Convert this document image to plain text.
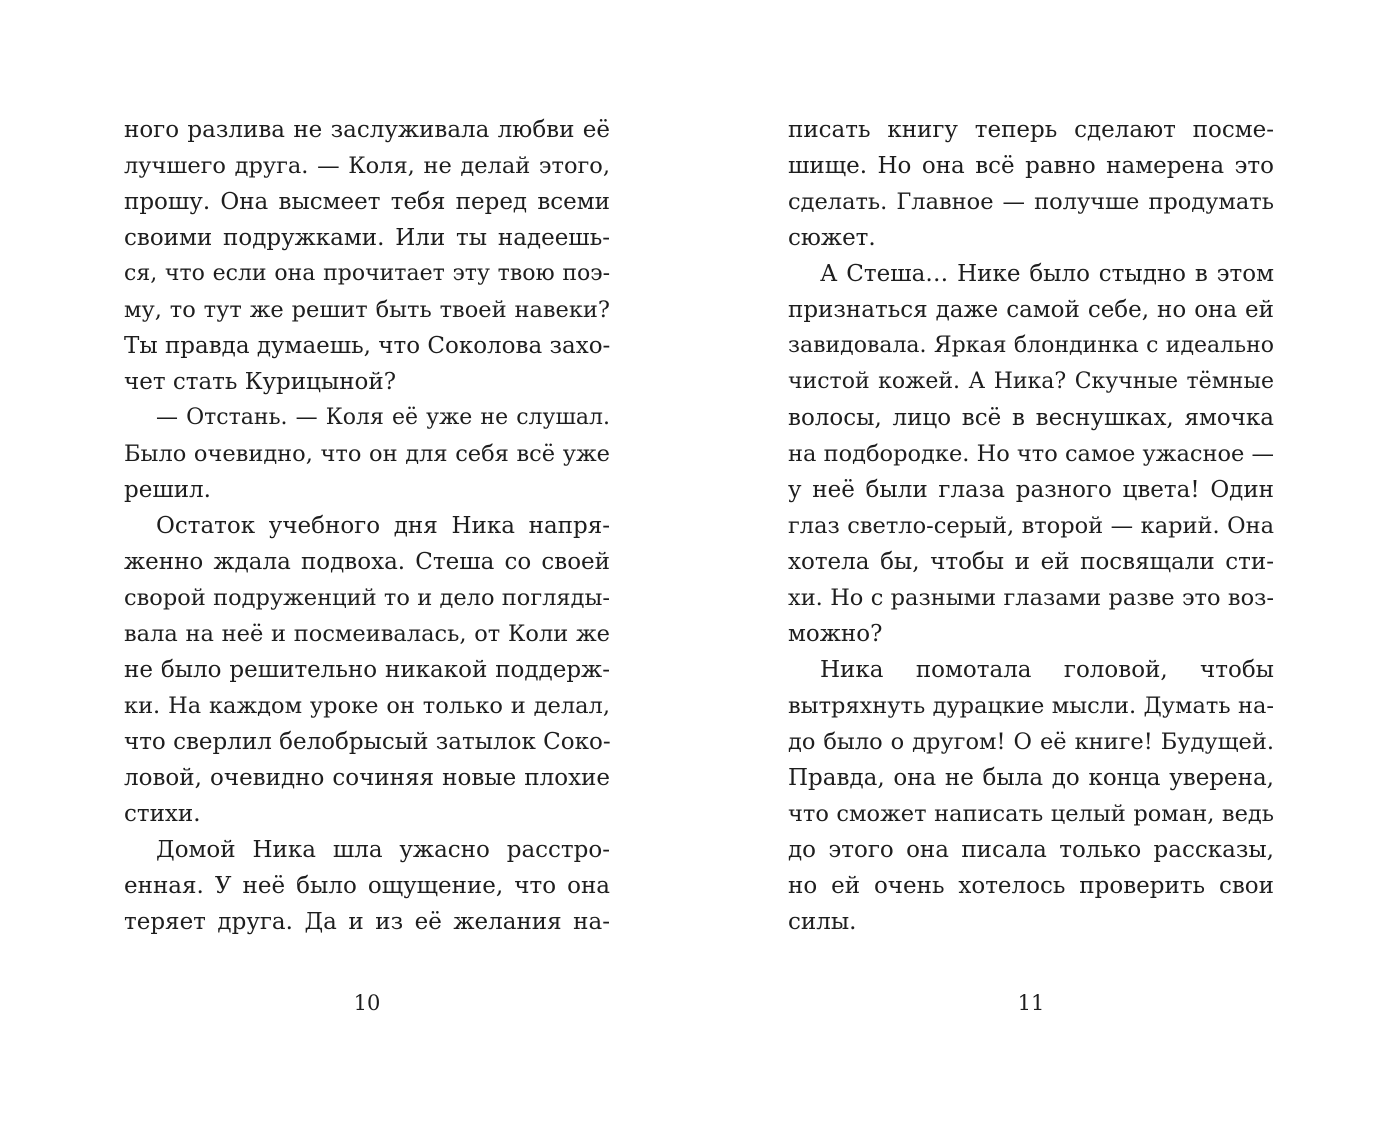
ного разлива не заслуживала любви её
лучшего друга. — Коля, не делай этого,
прошу. Она высмеет тебя перед всеми
своими подружками. Или ты надеешь-
ся, что если она прочитает эту твою поэ-
му, то тут же решит быть твоей навеки?
Ты правда думаешь, что Соколова захо-
чет стать Курицыной?
— Отстань. — Коля её уже не слушал.
Было очевидно, что он для себя всё уже
решил.
Остаток учебного дня Ника напря-
женно ждала подвоха. Стеша со своей
сворой подруженций то и дело погляды-
вала на неё и посмеивалась, от Коли же
не было решительно никакой поддерж-
ки. На каждом уроке он только и делал,
что сверлил белобрысый затылок Соко-
ловой, очевидно сочиняя новые плохие
стихи.
Домой Ника шла ужасно расстро-
енная. У неё было ощущение, что она
теряет друга. Да и из её желания на-
писать книгу теперь сделают посме-
шище. Но она всё равно намерена это
сделать. Главное — получше продумать
сюжет.
А Стеша… Нике было стыдно в этом
признаться даже самой себе, но она ей
завидовала. Яркая блондинка с идеально
чистой кожей. А Ника? Скучные тёмные
волосы, лицо всё в веснушках, ямочка
на подбородке. Но что самое ужасное —
у неё были глаза разного цвета! Один
глаз светло-серый, второй — карий. Она
хотела бы, чтобы и ей посвящали сти-
хи. Но с разными глазами разве это воз-
можно?
Ника помотала головой, чтобы
вытряхнуть дурацкие мысли. Думать на-
до было о другом! О её книге! Будущей.
Правда, она не была до конца уверена,
что сможет написать целый роман, ведь
до этого она писала только рассказы,
но ей очень хотелось проверить свои
силы.
10	11
